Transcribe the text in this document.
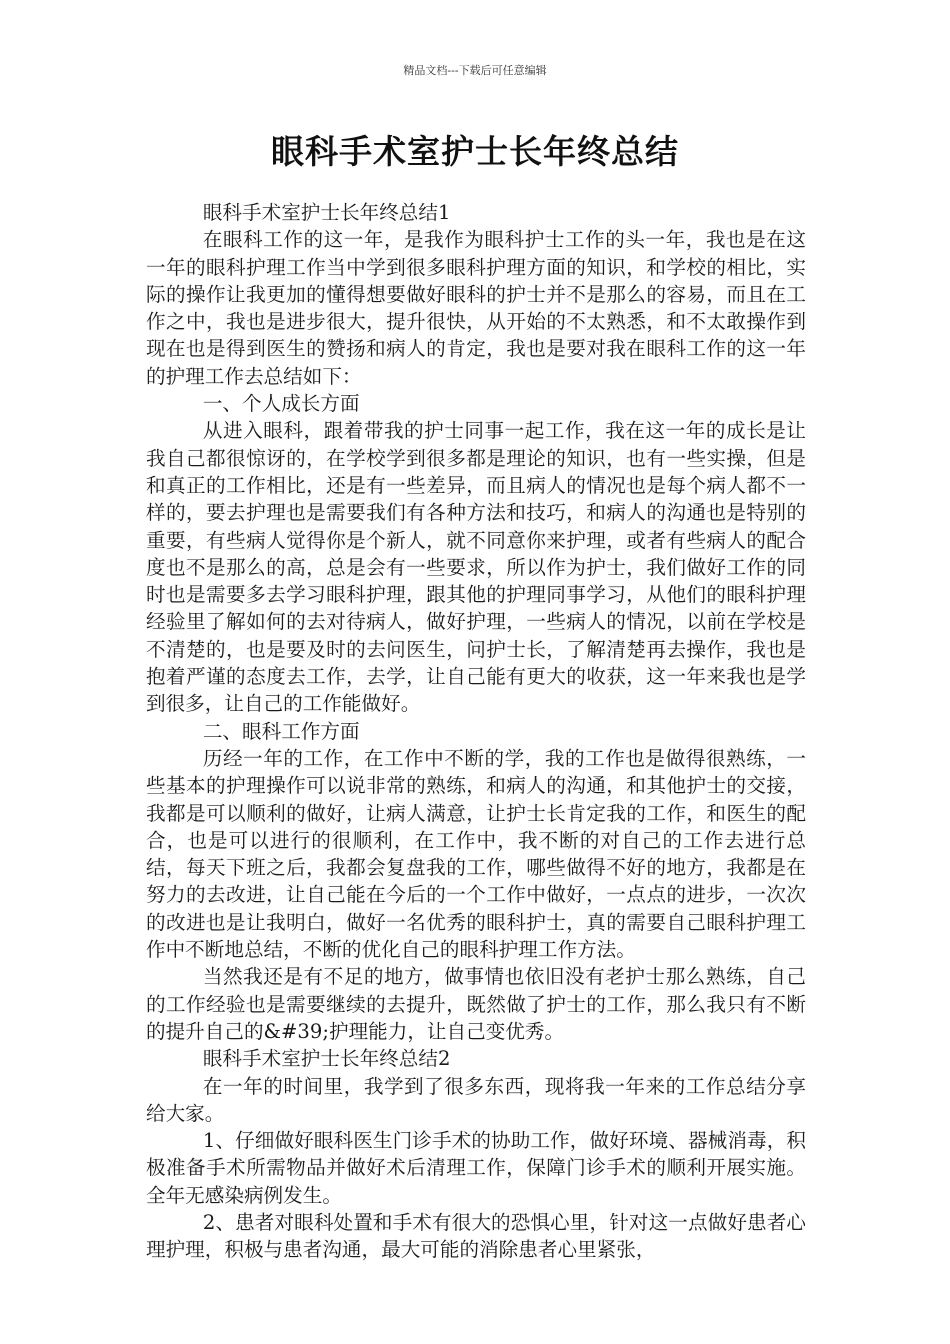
精品文档---下载后可任意编辑
眼科手术室护士长年终总结

眼科手术室护士长年终总结1

在眼科工作的这一年，是我作为眼科护士工作的头一年，我也是在这一年的眼科护理工作当中学到很多眼科护理方面的知识，和学校的相比，实际的操作让我更加的懂得想要做好眼科的护士并不是那么的容易，而且在工作之中，我也是进步很大，提升很快，从开始的不太熟悉，和不太敢操作到现在也是得到医生的赞扬和病人的肯定，我也是要对我在眼科工作的这一年的护理工作去总结如下：

一、个人成长方面

从进入眼科，跟着带我的护士同事一起工作，我在这一年的成长是让我自己都很惊讶的，在学校学到很多都是理论的知识，也有一些实操，但是和真正的工作相比，还是有一些差异，而且病人的情况也是每个病人都不一样的，要去护理也是需要我们有各种方法和技巧，和病人的沟通也是特别的重要，有些病人觉得你是个新人，就不同意你来护理，或者有些病人的配合度也不是那么的高，总是会有一些要求，所以作为护士，我们做好工作的同时也是需要多去学习眼科护理，跟其他的护理同事学习，从他们的眼科护理经验里了解如何的去对待病人，做好护理，一些病人的情况，以前在学校是不清楚的，也是要及时的去问医生，问护士长，了解清楚再去操作，我也是抱着严谨的态度去工作，去学，让自己能有更大的收获，这一年来我也是学到很多，让自己的工作能做好。

二、眼科工作方面

历经一年的工作，在工作中不断的学，我的工作也是做得很熟练，一些基本的护理操作可以说非常的熟练，和病人的沟通，和其他护士的交接，我都是可以顺利的做好，让病人满意，让护士长肯定我的工作，和医生的配合，也是可以进行的很顺利，在工作中，我不断的对自己的工作去进行总结，每天下班之后，我都会复盘我的工作，哪些做得不好的地方，我都是在努力的去改进，让自己能在今后的一个工作中做好，一点点的进步，一次次的改进也是让我明白，做好一名优秀的眼科护士，真的需要自己眼科护理工作中不断地总结，不断的优化自己的眼科护理工作方法。

当然我还是有不足的地方，做事情也依旧没有老护士那么熟练，自己的工作经验也是需要继续的去提升，既然做了护士的工作，那么我只有不断的提升自己的&#39;护理能力，让自己变优秀。

眼科手术室护士长年终总结2

在一年的时间里，我学到了很多东西，现将我一年来的工作总结分享给大家。

1、仔细做好眼科医生门诊手术的协助工作，做好环境、器械消毒，积极准备手术所需物品并做好术后清理工作，保障门诊手术的顺利开展实施。全年无感染病例发生。

2、患者对眼科处置和手术有很大的恐惧心里，针对这一点做好患者心理护理，积极与患者沟通，最大可能的消除患者心里紧张，
